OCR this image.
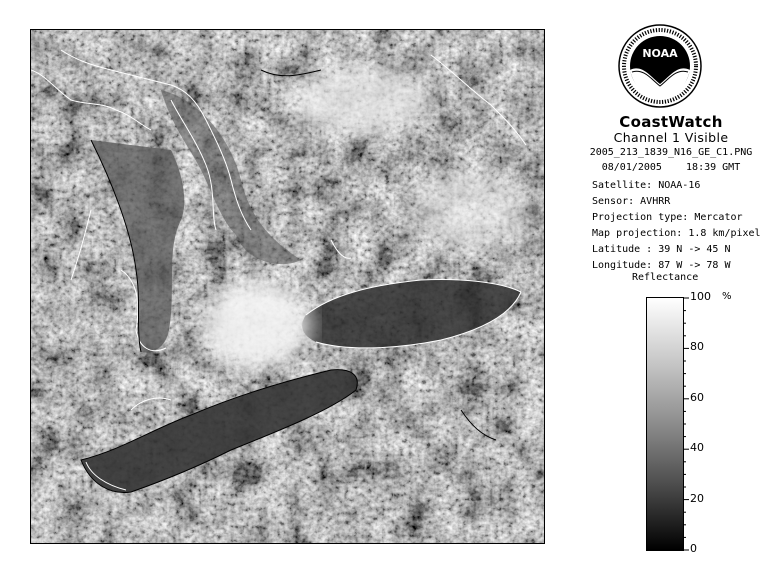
NOAA
CoastWatch
Channel 1 Visible
2005_213_1839_N16_GE_C1.PNG
08/01/2005    18:39 GMT
Satellite: NOAA-16
Sensor: AVHRR
Projection type: Mercator
Map projection: 1.8 km/pixel
Latitude : 39 N -> 45 N
Longitude: 87 W -> 78 W
Reflectance
%
100
80
60
40
20
0
